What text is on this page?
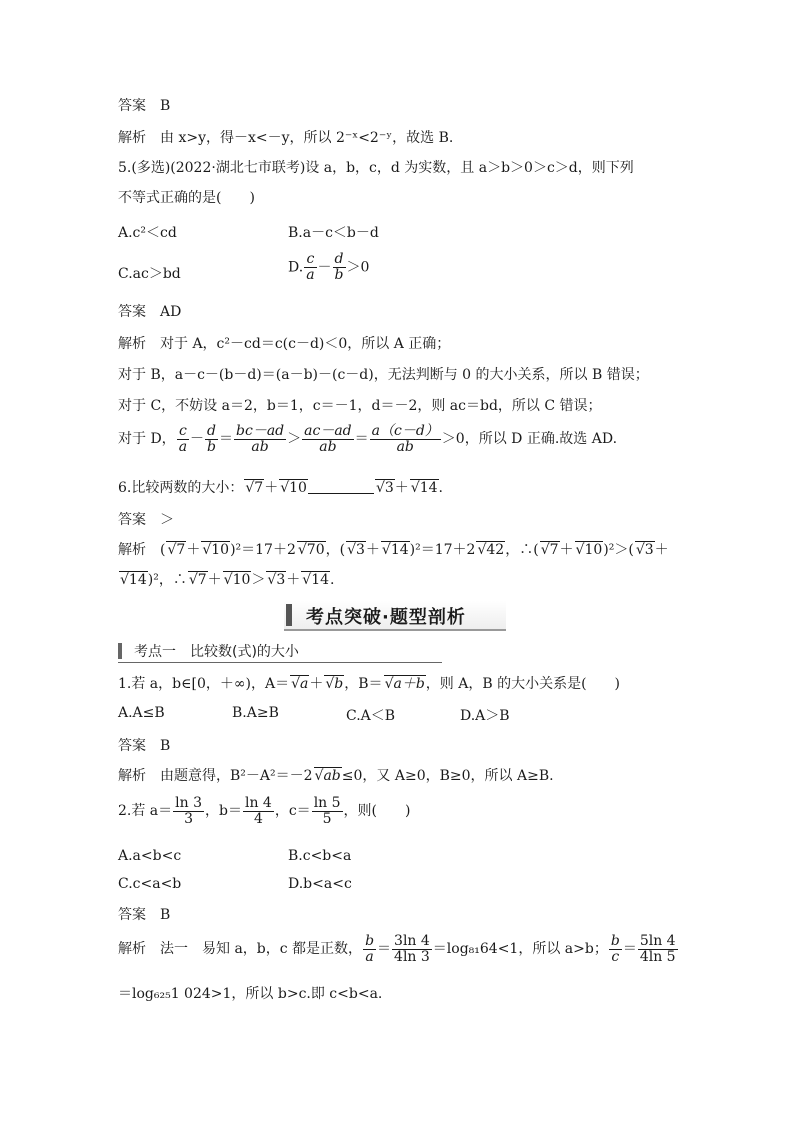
答案　B
解析　由 x>y，得－x<－y，所以 2⁻ˣ<2⁻ʸ，故选 B.
5.(多选)(2022·湖北七市联考)设 a，b，c，d 为实数，且 a＞b＞0＞c＞d，则下列
不等式正确的是(　　)
A.c²＜cd	B.a－c＜b－d
C.ac＞bd	D. $\frac{c}{a} - \frac{d}{b} >0$
答案　AD
解析　对于 A，c²－cd＝c(c－d)＜0，所以 A 正确；
对于 B，a－c－(b－d)＝(a－b)－(c－d)，无法判断与 0 的大小关系，所以 B 错误；
对于 C，不妨设 a＝2，b＝1，c＝－1，d＝－2，则 ac＝bd，所以 C 错误；
对于 D， $\frac{c}{a} - \frac{d}{b} = \frac{bc-ad}{ab} > \frac{ac-ad}{ab} = \frac{a(c-d)}{ab} >0$，所以 D 正确.故选 AD.
6.比较两数的大小： √ 7＋ √ 10 √	3＋ √ 14.
答案　＞
解析　( √ 7＋ √ 10)²＝17＋2 √ 70，( √ 3＋ √ 14)²＝17＋2 √ 42，∴( √ 7＋ √ 10)²＞( √ 3＋
√ 14)²，∴ √ 7＋ √ 10＞ √ 3＋ √ 14.
考点突破·题型剖析
考点一　比较数(式)的大小
1.若 a，b∈[0，＋∞)，A＝ √ a＋ √ b，B＝ √ a＋b，则 A，B 的大小关系是(　　)
A.A≤B	B.A≥B	C.A＜B	D.A＞B
答案　B
解析　由题意得，B²－A²＝－2 √ ab≤0，又 A≥0，B≥0，所以 A≥B.
2.若 $a= \frac{\ln 3}{3}$ ，$b= \frac{\ln 4}{4}$ ，$c= \frac{\ln 5}{5}$ ，则(　　)
A.a<b<c	B.c<b<a
C.c<a<b	D.b<a<c
答案　B
解析　法一　易知 a，b，c 都是正数， $\frac{b}{a} = \frac{3\ln 4}{4\ln 3} =\log_{81}64<1$，所以 a>b； $\frac{b}{c} = \frac{5\ln 4}{4\ln 5}$
＝log₆₂₅1 024>1，所以 b>c.即 c<b<a.
